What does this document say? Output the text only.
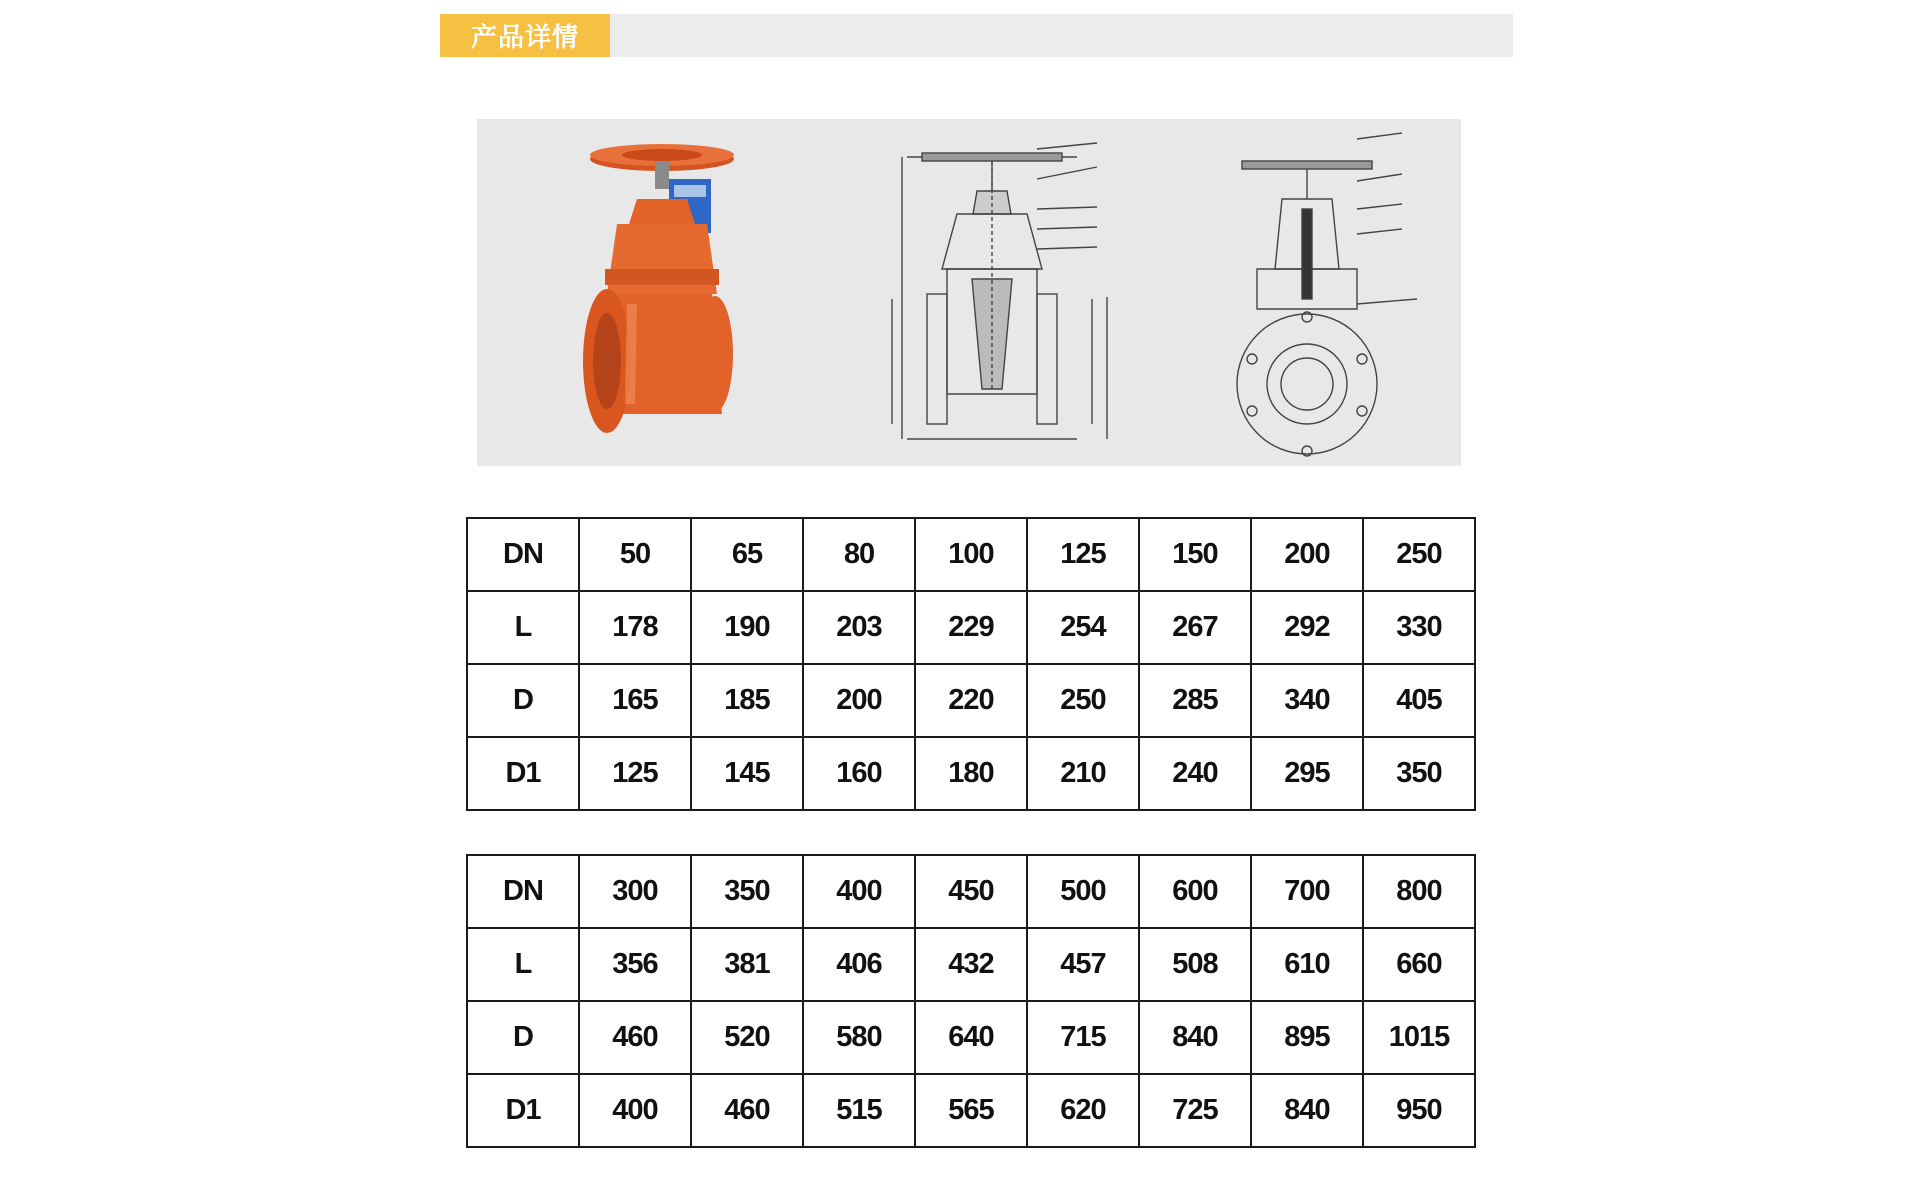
产品详情
DN	50	65	80	100	125	150	200	250
L	178	190	203	229	254	267	292	330
D	165	185	200	220	250	285	340	405
D1	125	145	160	180	210	240	295	350
DN	300	350	400	450	500	600	700	800
L	356	381	406	432	457	508	610	660
D	460	520	580	640	715	840	895	1015
D1	400	460	515	565	620	725	840	950
